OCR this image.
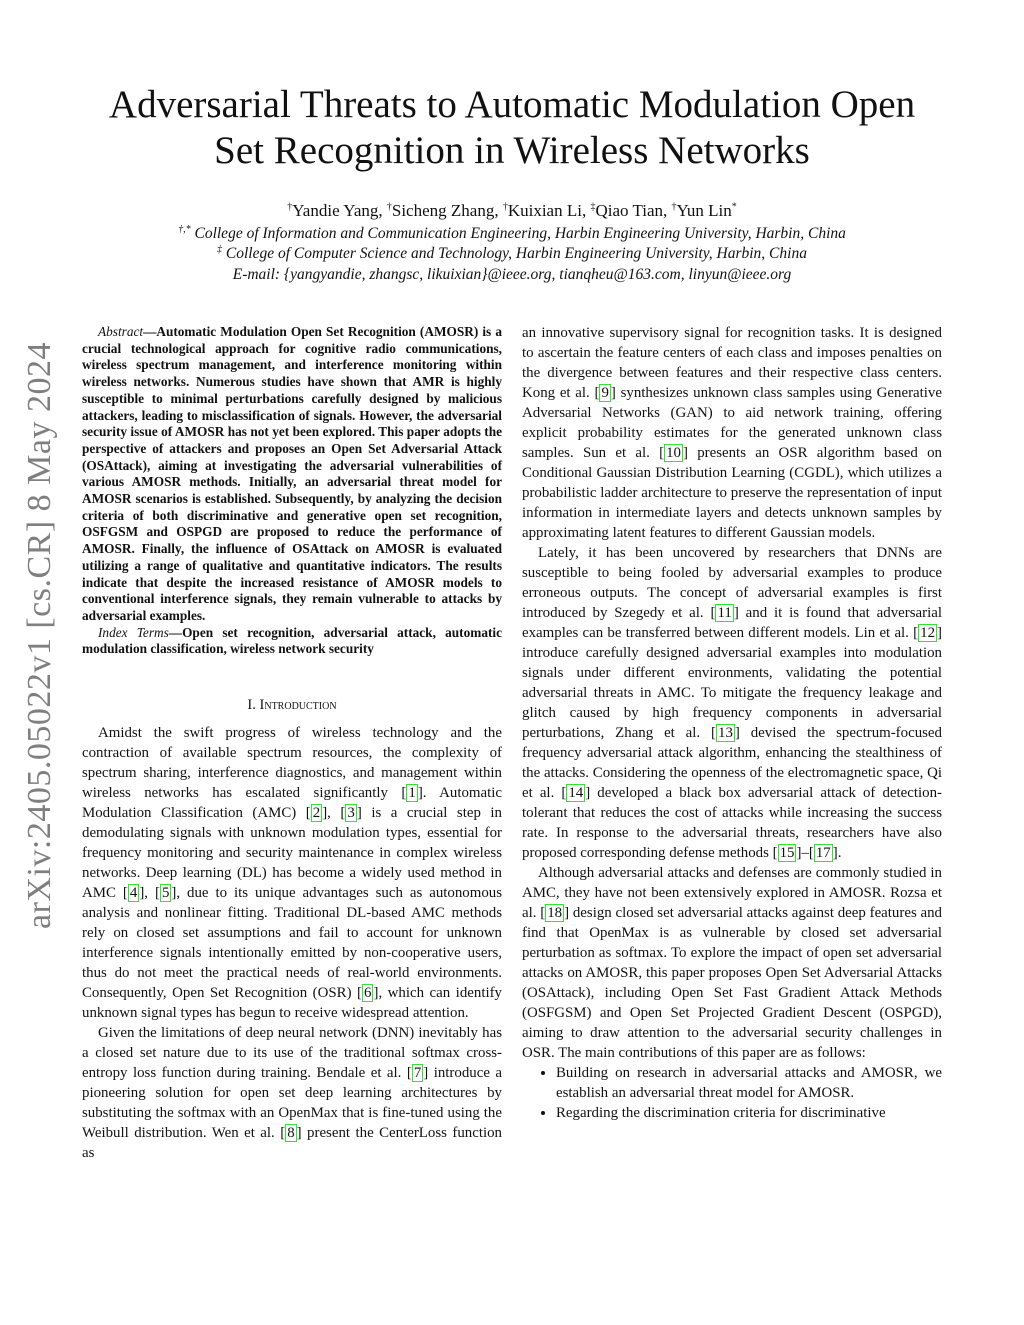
Adversarial Threats to Automatic Modulation Open
Set Recognition in Wireless Networks
†Yandie Yang, †Sicheng Zhang, †Kuixian Li, ‡Qiao Tian, †Yun Lin*
†,* College of Information and Communication Engineering, Harbin Engineering University, Harbin, China
‡ College of Computer Science and Technology, Harbin Engineering University, Harbin, China
E-mail: {yangyandie, zhangsc, likuixian}@ieee.org, tianqheu@163.com, linyun@ieee.org
arXiv:2405.05022v1 [cs.CR] 8 May 2024

Abstract—Automatic Modulation Open Set Recognition (AMOSR) is a crucial technological approach for cognitive radio communications, wireless spectrum management, and interference monitoring within wireless networks. Numerous studies have shown that AMR is highly susceptible to minimal perturbations carefully designed by malicious attackers, leading to misclassification of signals. However, the adversarial security issue of AMOSR has not yet been explored. This paper adopts the perspective of attackers and proposes an Open Set Adversarial Attack (OSAttack), aiming at investigating the adversarial vulnerabilities of various AMOSR methods. Initially, an adversarial threat model for AMOSR scenarios is established. Subsequently, by analyzing the decision criteria of both discriminative and generative open set recognition, OSFGSM and OSPGD are proposed to reduce the performance of AMOSR. Finally, the influence of OSAttack on AMOSR is evaluated utilizing a range of qualitative and quantitative indicators. The results indicate that despite the increased resistance of AMOSR models to conventional interference signals, they remain vulnerable to attacks by adversarial examples.

Index Terms—Open set recognition, adversarial attack, automatic modulation classification, wireless network security

I. Introduction

Amidst the swift progress of wireless technology and the contraction of available spectrum resources, the complexity of spectrum sharing, interference diagnostics, and management within wireless networks has escalated significantly [ 1 ]. Automatic Modulation Classification (AMC) [ 2 ], [ 3 ] is a crucial step in demodulating signals with unknown modulation types, essential for frequency monitoring and security maintenance in complex wireless networks. Deep learning (DL) has become a widely used method in AMC [ 4 ], [ 5 ], due to its unique advantages such as autonomous analysis and nonlinear fitting. Traditional DL-based AMC methods rely on closed set assumptions and fail to account for unknown interference signals intentionally emitted by non-cooperative users, thus do not meet the practical needs of real-world environments. Consequently, Open Set Recognition (OSR) [ 6 ], which can identify unknown signal types has begun to receive widespread attention.

Given the limitations of deep neural network (DNN) inevitably has a closed set nature due to its use of the traditional softmax cross-entropy loss function during training. Bendale et al. [ 7 ] introduce a pioneering solution for open set deep learning architectures by substituting the softmax with an OpenMax that is fine-tuned using the Weibull distribution. Wen et al. [ 8 ] present the CenterLoss function as

an innovative supervisory signal for recognition tasks. It is designed to ascertain the feature centers of each class and imposes penalties on the divergence between features and their respective class centers. Kong et al. [ 9 ] synthesizes unknown class samples using Generative Adversarial Networks (GAN) to aid network training, offering explicit probability estimates for the generated unknown class samples. Sun et al. [ 10 ] presents an OSR algorithm based on Conditional Gaussian Distribution Learning (CGDL), which utilizes a probabilistic ladder architecture to preserve the representation of input information in intermediate layers and detects unknown samples by approximating latent features to different Gaussian models.

Lately, it has been uncovered by researchers that DNNs are susceptible to being fooled by adversarial examples to produce erroneous outputs. The concept of adversarial examples is first introduced by Szegedy et al. [ 11 ] and it is found that adversarial examples can be transferred between different models. Lin et al. [ 12 ] introduce carefully designed adversarial examples into modulation signals under different environments, validating the potential adversarial threats in AMC. To mitigate the frequency leakage and glitch caused by high frequency components in adversarial perturbations, Zhang et al. [ 13 ] devised the spectrum-focused frequency adversarial attack algorithm, enhancing the stealthiness of the attacks. Considering the openness of the electromagnetic space, Qi et al. [ 14 ] developed a black box adversarial attack of detection-tolerant that reduces the cost of attacks while increasing the success rate. In response to the adversarial threats, researchers have also proposed corresponding defense methods [ 15 ]–[ 17 ].

Although adversarial attacks and defenses are commonly studied in AMC, they have not been extensively explored in AMOSR. Rozsa et al. [ 18 ] design closed set adversarial attacks against deep features and find that OpenMax is as vulnerable by closed set adversarial perturbation as softmax. To explore the impact of open set adversarial attacks on AMOSR, this paper proposes Open Set Adversarial Attacks (OSAttack), including Open Set Fast Gradient Attack Methods (OSFGSM) and Open Set Projected Gradient Descent (OSPGD), aiming to draw attention to the adversarial security challenges in OSR. The main contributions of this paper are as follows:

• Building on research in adversarial attacks and AMOSR, we establish an adversarial threat model for AMOSR.
• Regarding the discrimination criteria for discriminative
